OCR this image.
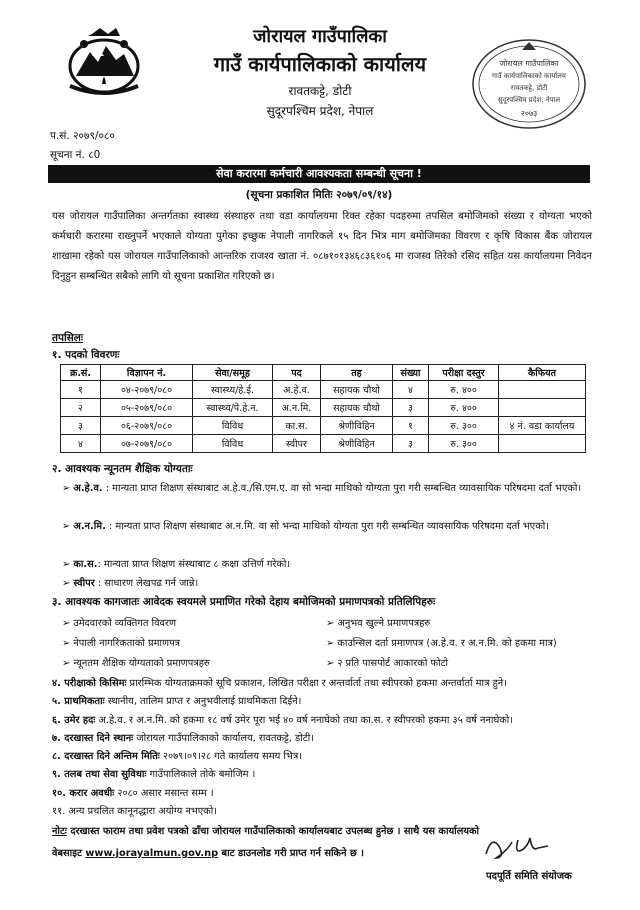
जोरायल गाउँपालिका
गाउँ कार्यपालिकाको कार्यालय
रावतकट्टे, डोटी
सुदूरपश्चिम प्रदेश, नेपाल
२०७३
जोरायल गाउँपालिका
गाउँ कार्यपालिकाको कार्यालय
रावतकट्टे, डोटी
सुदूरपश्चिम प्रदेश, नेपाल
प.सं. २०७९/०८०
सूचना नं. ८0
सेवा करारमा कर्मचारी आवश्यकता सम्बन्धी सूचना !
(सूचना प्रकाशित मितिः २०७९/०९/१४)
यस जोरायल गाउँपालिका अन्तर्गतका स्वास्थ्य संस्थाहरु तथा वडा कार्यालयमा रिक्त रहेका पदहरुमा तपसिल बमोजिमको संख्या र योग्यता भएको कर्मचारी करारमा राख्नुपर्ने भएकाले योग्यता पुगेका इच्छुक नेपाली नागरिकले १५ दिन भित्र माग बमोजिमका विवरण र कृषि विकास बैंक जोरायल शाखामा रहेको यस जोरायल गाउँपालिकाको आन्तरिक राजश्व खाता नं. ०८७१०१३४६८३६१०६ मा राजस्व तिरेको रसिद सहित यस कार्यालयमा निवेदन दिनुहुन सम्बन्धित सबैको लागि यो सूचना प्रकाशित गरिएको छ।
तपसिलः
१. पदको विवरणः
क्र.सं.	विज्ञापन नं.	सेवा/समूह	पद	तह	संख्या	परीक्षा दस्तुर	कैफियत
१	०४-२०७९/०८०	स्वास्थ्य/हे.ई.	अ.हे.व.	सहायक चौथो	४	रु. ४००	
२	०५-२०७९/०८०	स्वास्थ्य/पे.हे.न.	अ.न.मि.	सहायक चौथो	३	रु. ४००	
३	०६-२०७९/०८०	विविध	का.स.	श्रेणीविहिन	१	रु. ३००	४ नं. वडा कार्यालय
४	०७-२०७९/०८०	विविध	स्वीपर	श्रेणीविहिन	३	रु. ३००	
२. आवश्यक न्यूनतम शैक्षिक योग्यताः
➢ अ.हे.व. : मान्यता प्राप्त शिक्षण संस्थाबाट अ.हे.व./सि.एम.ए. वा सो भन्दा माथिको योग्यता पुरा गरी सम्बन्धित व्यावसायिक परिषदमा दर्ता भएको।
➢ अ.न.मि. : मान्यता प्राप्त शिक्षण संस्थाबाट अ.न.मि. वा सो भन्दा माथिको योग्यता पुरा गरी सम्बन्धित व्यावसायिक परिषदमा दर्ता भएको।
➢ का.स.: मान्यता प्राप्त शिक्षण संस्थाबाट ८ कक्षा उत्तिर्ण गरेको।
➢ स्वीपर : साधारण लेखपढ गर्न जान्ने।
३. आवश्यक कागजातः आवेदक स्वयमले प्रमाणित गरेको देहाय बमोजिमको प्रमाणपत्रको प्रतिलिपिहरुः
➢ उमेदवारको व्यक्तिगत विवरण
➢ नेपाली नागरिकताको प्रमाणपत्र
➢ न्यूनतम शैक्षिक योग्यताको प्रमाणपत्रहरु
➢ अनुभव खुल्ने प्रमाणपत्रहरु
➢ काउन्सिल दर्ता प्रमाणपत्र (अ.हे.व. र अ.न.मि. को हकमा मात्र)
➢ २ प्रति पासपोर्ट आकारको फोटो
४. परीक्षाको किसिमः प्रारम्भिक योग्यताक्रमको सूचि प्रकाशन, लिखित परीक्षा र अन्तर्वार्ता तथा स्वीपरको हकमा अन्तर्वार्ता मात्र हुने।
५. प्राथमिकताः स्थानीय, तालिम प्राप्त र अनुभवीलाई प्राथमिकता दिईने।
६. उमेर हदः अ.हे.व. र अ.न.मि. को हकमा १८ वर्ष उमेर पूरा भई ४० वर्ष ननाघेको तथा का.स. र स्वीपरको हकमा ३५ वर्ष ननाघेको।
७. दरखास्त दिने स्थानः जोरायल गाउँपालिकाको कार्यालय, रावतकट्टे, डोटी।
८. दरखास्त दिने अन्तिम मितिः २०७९।०९।२८ गते कार्यालय समय भित्र।
९. तलब तथा सेवा सुविधाः गाउँपालिकाले तोके बमोजिम ।
१०. करार अवधीः २०८० असार मसान्त सम्म ।
११. अन्य प्रचलित कानूनद्धारा अयोग्य नभएको।
नोटः दरखास्त फाराम तथा प्रवेश पत्रको ढाँचा जोरायल गाउँपालिकाको कार्यालयबाट उपलब्ध हुनेछ । साथै यस कार्यालयको
वेबसाइट www.jorayalmun.gov.np बाट डाउनलोड गरी प्राप्त गर्न सकिने छ ।
पदपूर्ति समिति संयोजक
